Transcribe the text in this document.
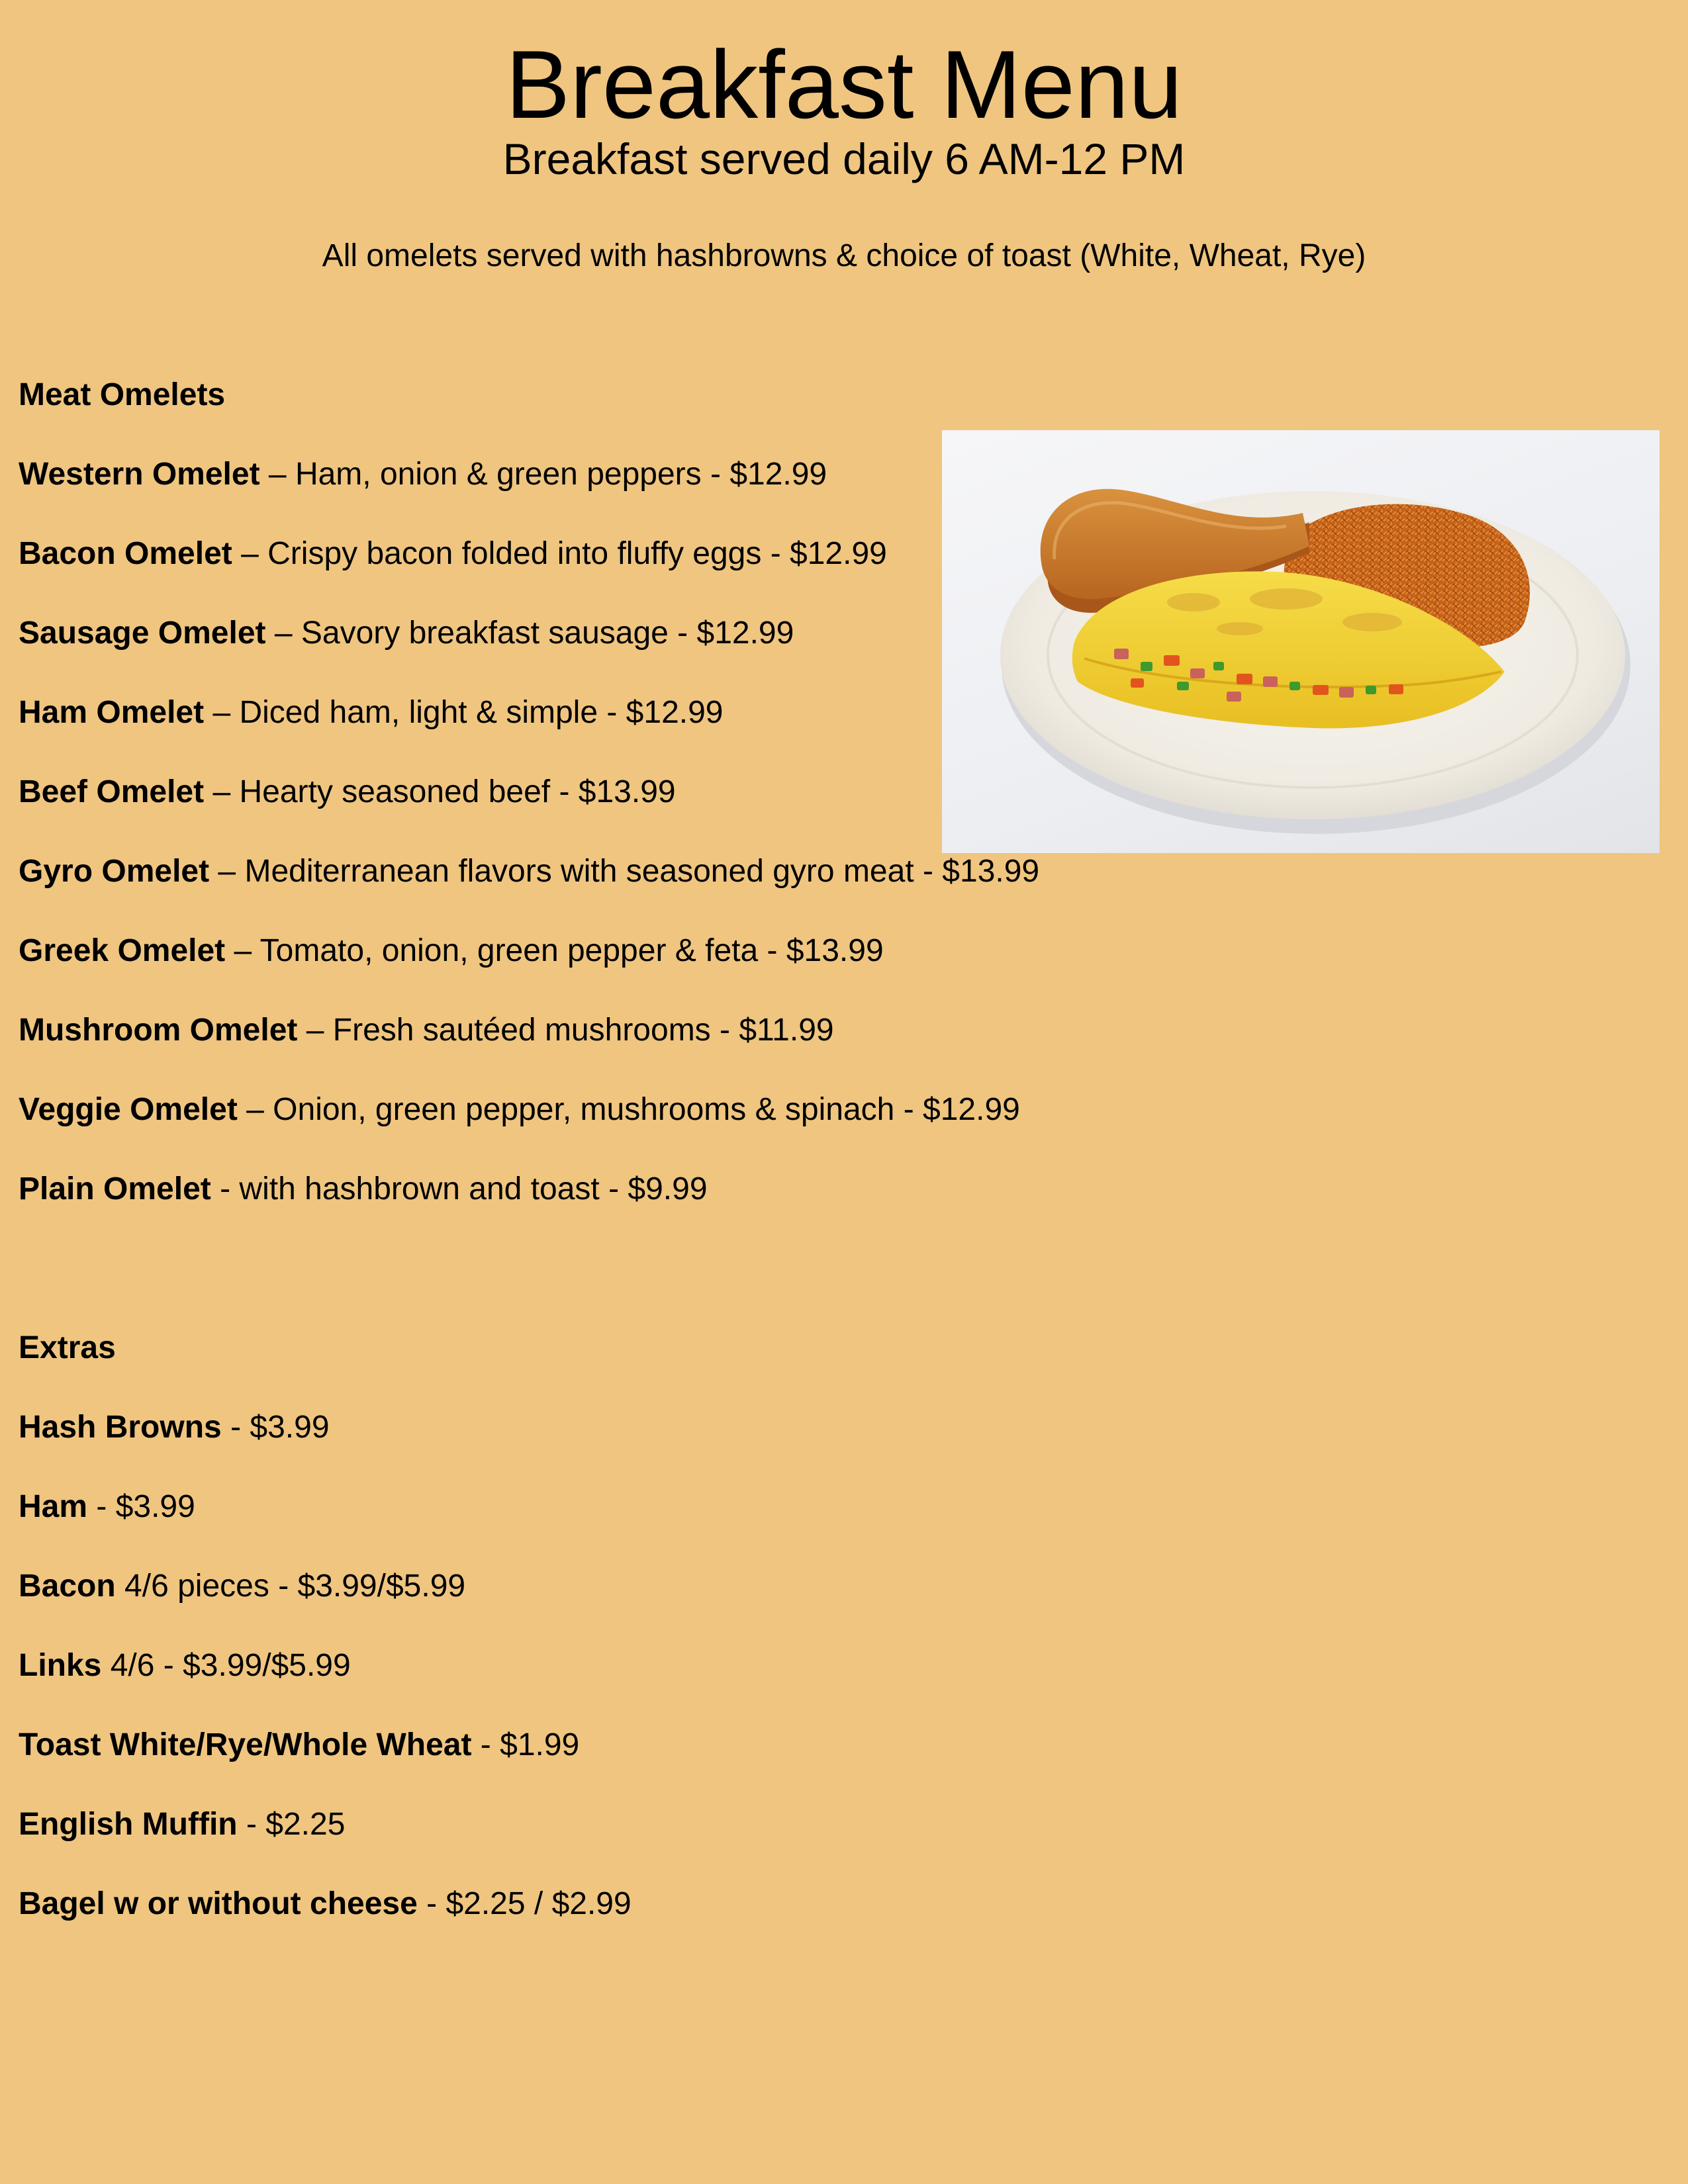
Breakfast Menu
Breakfast served daily 6 AM-12 PM
All omelets served with hashbrowns & choice of toast (White, Wheat, Rye)
Meat Omelets
Western Omelet – Ham, onion & green peppers - $12.99
Bacon Omelet – Crispy bacon folded into fluffy eggs - $12.99
Sausage Omelet – Savory breakfast sausage - $12.99
Ham Omelet – Diced ham, light & simple - $12.99
Beef Omelet – Hearty seasoned beef - $13.99
Gyro Omelet – Mediterranean flavors with seasoned gyro meat - $13.99
Greek Omelet – Tomato, onion, green pepper & feta - $13.99
Mushroom Omelet – Fresh sautéed mushrooms - $11.99
Veggie Omelet – Onion, green pepper, mushrooms & spinach - $12.99
Plain Omelet - with hashbrown and toast - $9.99
Extras
Hash Browns - $3.99
Ham - $3.99
Bacon 4/6 pieces - $3.99/$5.99
Links 4/6 - $3.99/$5.99
Toast White/Rye/Whole Wheat - $1.99
English Muffin - $2.25
Bagel w or without cheese - $2.25 / $2.99
